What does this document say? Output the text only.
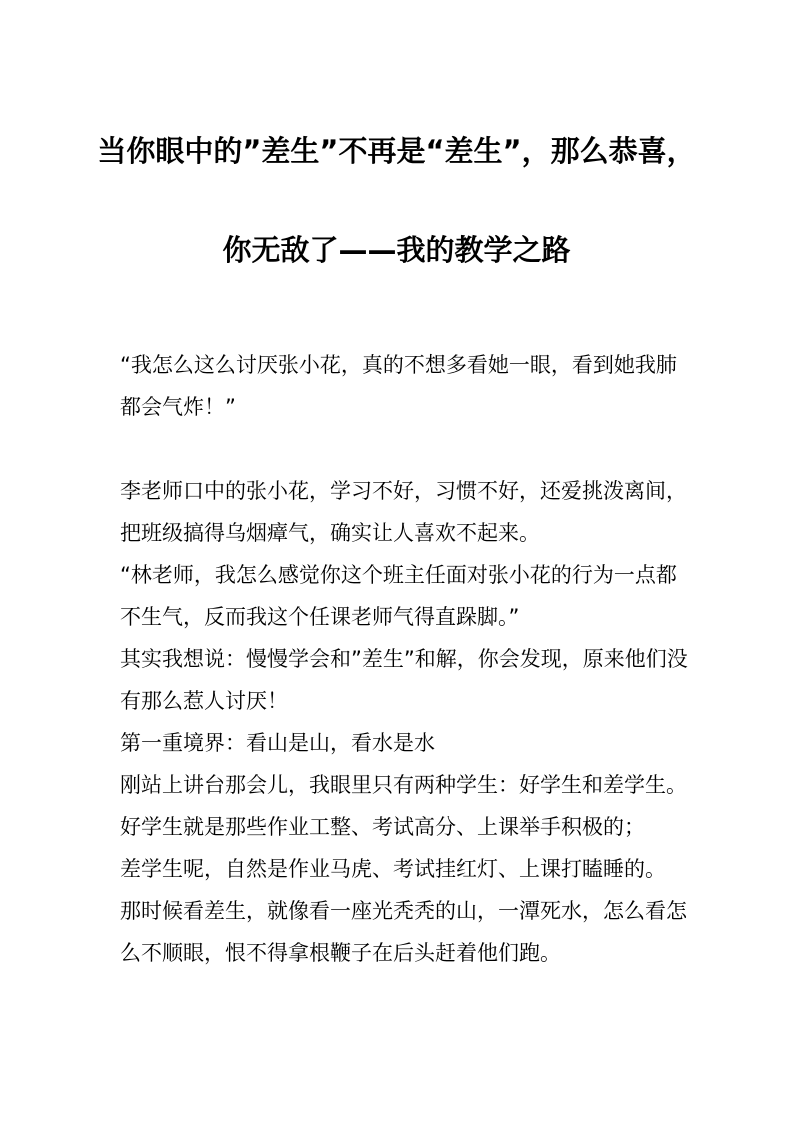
当你眼中的”差生”不再是“差生”，那么恭喜，
你无敌了——我的教学之路

“我怎么这么讨厌张小花，真的不想多看她一眼，看到她我肺都会气炸！”

李老师口中的张小花，学习不好，习惯不好，还爱挑泼离间，把班级搞得乌烟瘴气，确实让人喜欢不起来。

“林老师，我怎么感觉你这个班主任面对张小花的行为一点都不生气，反而我这个任课老师气得直跺脚。”

其实我想说：慢慢学会和”差生”和解，你会发现，原来他们没有那么惹人讨厌！

第一重境界：看山是山，看水是水

刚站上讲台那会儿，我眼里只有两种学生：好学生和差学生。

好学生就是那些作业工整、考试高分、上课举手积极的；

差学生呢，自然是作业马虎、考试挂红灯、上课打瞌睡的。

那时候看差生，就像看一座光秃秃的山，一潭死水，怎么看怎么不顺眼，恨不得拿根鞭子在后头赶着他们跑。
